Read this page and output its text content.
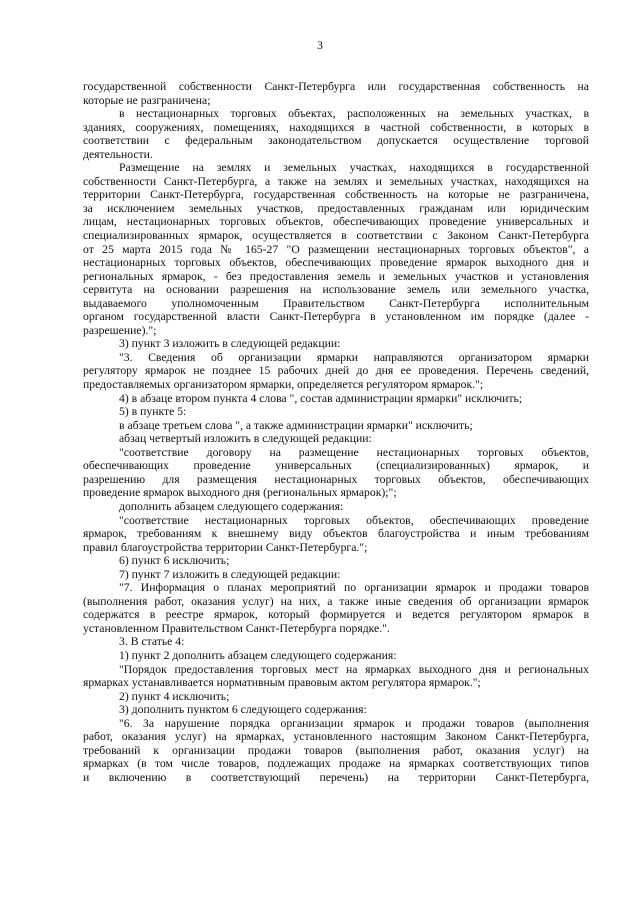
3
государственной собственности Санкт-Петербурга или государственная собственность на
которые не разграничена;
в нестационарных торговых объектах, расположенных на земельных участках, в
зданиях, сооружениях, помещениях, находящихся в частной собственности, в которых в
соответствии с федеральным законодательством допускается осуществление торговой
деятельности.
Размещение на землях и земельных участках, находящихся в государственной
собственности Санкт-Петербурга, а также на землях и земельных участках, находящихся на
территории Санкт-Петербурга, государственная собственность на которые не разграничена,
за исключением земельных участков, предоставленных гражданам или юридическим
лицам, нестационарных торговых объектов, обеспечивающих проведение универсальных и
специализированных ярмарок, осуществляется в соответствии с Законом Санкт-Петербурга
от 25 марта 2015 года № 165-27 "О размещении нестационарных торговых объектов", а
нестационарных торговых объектов, обеспечивающих проведение ярмарок выходного дня и
региональных ярмарок, - без предоставления земель и земельных участков и установления
сервитута на основании разрешения на использование земель или земельного участка,
выдаваемого уполномоченным Правительством Санкт-Петербурга исполнительным
органом государственной власти Санкт-Петербурга в установленном им порядке (далее -
разрешение).";
3) пункт 3 изложить в следующей редакции:
"3. Сведения об организации ярмарки направляются организатором ярмарки
регулятору ярмарок не позднее 15 рабочих дней до дня ее проведения. Перечень сведений,
предоставляемых организатором ярмарки, определяется регулятором ярмарок.";
4) в абзаце втором пункта 4 слова ", состав администрации ярмарки" исключить;
5) в пункте 5:
в абзаце третьем слова ", а также администрации ярмарки" исключить;
абзац четвертый изложить в следующей редакции:
"соответствие договору на размещение нестационарных торговых объектов,
обеспечивающих проведение универсальных (специализированных) ярмарок, и
разрешению для размещения нестационарных торговых объектов, обеспечивающих
проведение ярмарок выходного дня (региональных ярмарок);";
дополнить абзацем следующего содержания:
"соответствие нестационарных торговых объектов, обеспечивающих проведение
ярмарок, требованиям к внешнему виду объектов благоустройства и иным требованиям
правил благоустройства территории Санкт-Петербурга.";
6) пункт 6 исключить;
7) пункт 7 изложить в следующей редакции:
"7. Информация о планах мероприятий по организации ярмарок и продажи товаров
(выполнения работ, оказания услуг) на них, а также иные сведения об организации ярмарок
содержатся в реестре ярмарок, который формируется и ведется регулятором ярмарок в
установленном Правительством Санкт-Петербурга порядке.".
3. В статье 4:
1) пункт 2 дополнить абзацем следующего содержания:
"Порядок предоставления торговых мест на ярмарках выходного дня и региональных
ярмарках устанавливается нормативным правовым актом регулятора ярмарок.";
2) пункт 4 исключить;
3) дополнить пунктом 6 следующего содержания:
"6. За нарушение порядка организации ярмарок и продажи товаров (выполнения
работ, оказания услуг) на ярмарках, установленного настоящим Законом Санкт-Петербурга,
требований к организации продажи товаров (выполнения работ, оказания услуг) на
ярмарках (в том числе товаров, подлежащих продаже на ярмарках соответствующих типов
и включению в соответствующий перечень) на территории Санкт-Петербурга,
